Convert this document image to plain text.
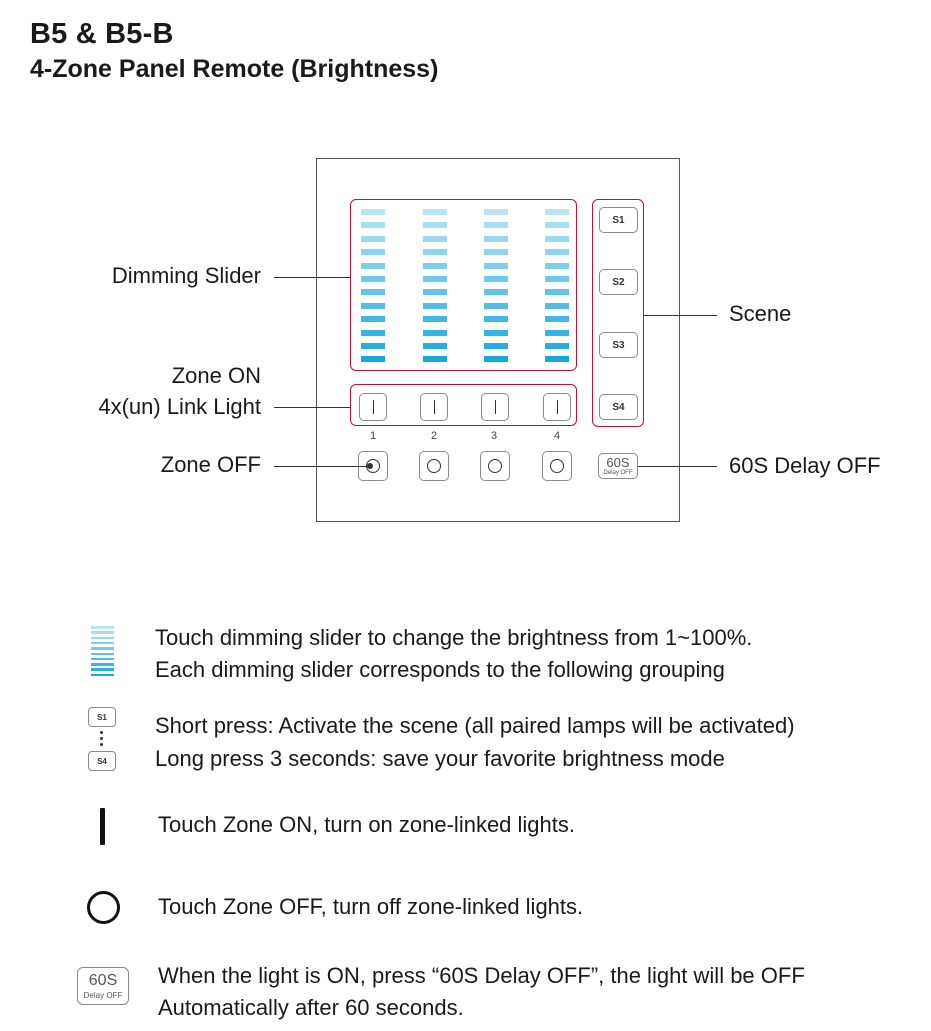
B5 & B5-B
4-Zone Panel Remote (Brightness)
S1
S2
S3
S4
1	2	3	4
60S
Delay OFF
Dimming Slider
Zone ON
4x(un) Link Light
Zone OFF
Scene
60S Delay OFF
Touch dimming slider to change the brightness from 1~100%.
Each dimming slider corresponds to the following grouping
S1
S4
Short press: Activate the scene (all paired lamps will be activated)
Long press 3 seconds: save your favorite brightness mode
Touch Zone ON, turn on zone-linked lights.
Touch Zone OFF, turn off zone-linked lights.
60S
Delay OFF
When the light is ON, press “60S Delay OFF”, the light will be OFF
Automatically after 60 seconds.
